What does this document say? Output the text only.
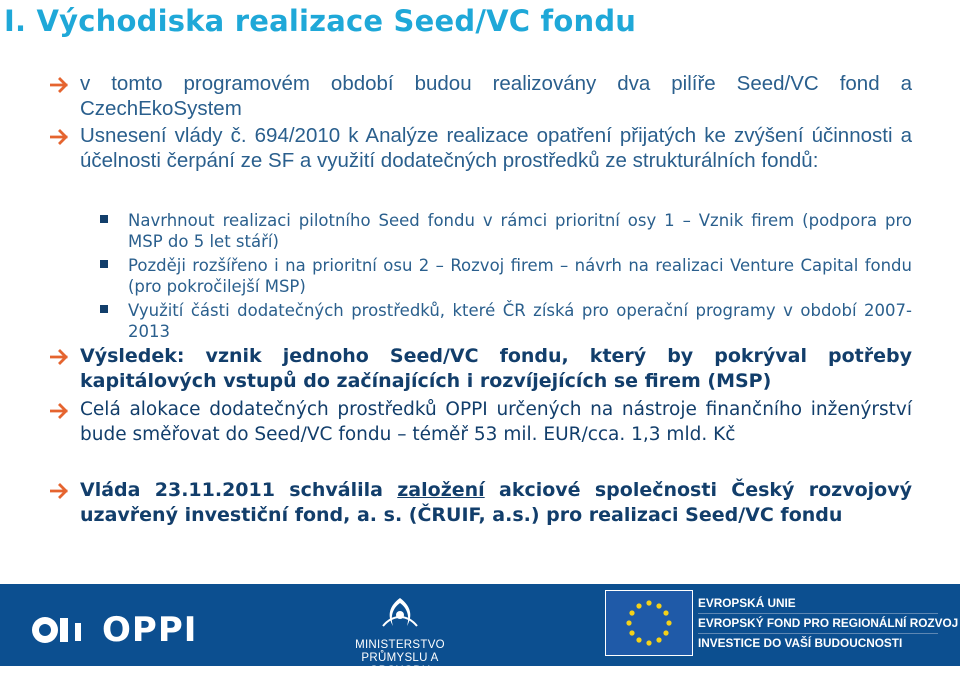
I. Východiska realizace Seed/VC fondu
v tomto programovém období budou realizovány dva pilíře Seed/VC fond a CzechEkoSystem
Usnesení vlády č. 694/2010 k Analýze realizace opatření přijatých ke zvýšení účinnosti a účelnosti čerpání ze SF a využití dodatečných prostředků ze strukturálních fondů:
Navrhnout realizaci pilotního Seed fondu v rámci prioritní osy 1 – Vznik firem (podpora pro MSP do 5 let stáří)
Později rozšířeno i na prioritní osu 2 – Rozvoj firem – návrh na realizaci Venture Capital fondu (pro pokročilejší MSP)
Využití části dodatečných prostředků, které ČR získá pro operační programy v období 2007-2013
Výsledek: vznik jednoho Seed/VC fondu, který by pokrýval potřeby kapitálových vstupů do začínajících i rozvíjejících se firem (MSP)
Celá alokace dodatečných prostředků OPPI určených na nástroje finančního inženýrství bude směřovat do Seed/VC fondu – téměř 53 mil. EUR/cca. 1,3 mld. Kč
Vláda 23.11.2011 schválila založení akciové společnosti Český rozvojový uzavřený investiční fond, a. s. (ČRUIF, a.s.) pro realizaci Seed/VC fondu
OPPI	MINISTERSTVO
PRŮMYSLU A OBCHODU
EVROPSKÁ UNIE
EVROPSKÝ FOND PRO REGIONÁLNÍ ROZVOJ
INVESTICE DO VAŠÍ BUDOUCNOSTI
